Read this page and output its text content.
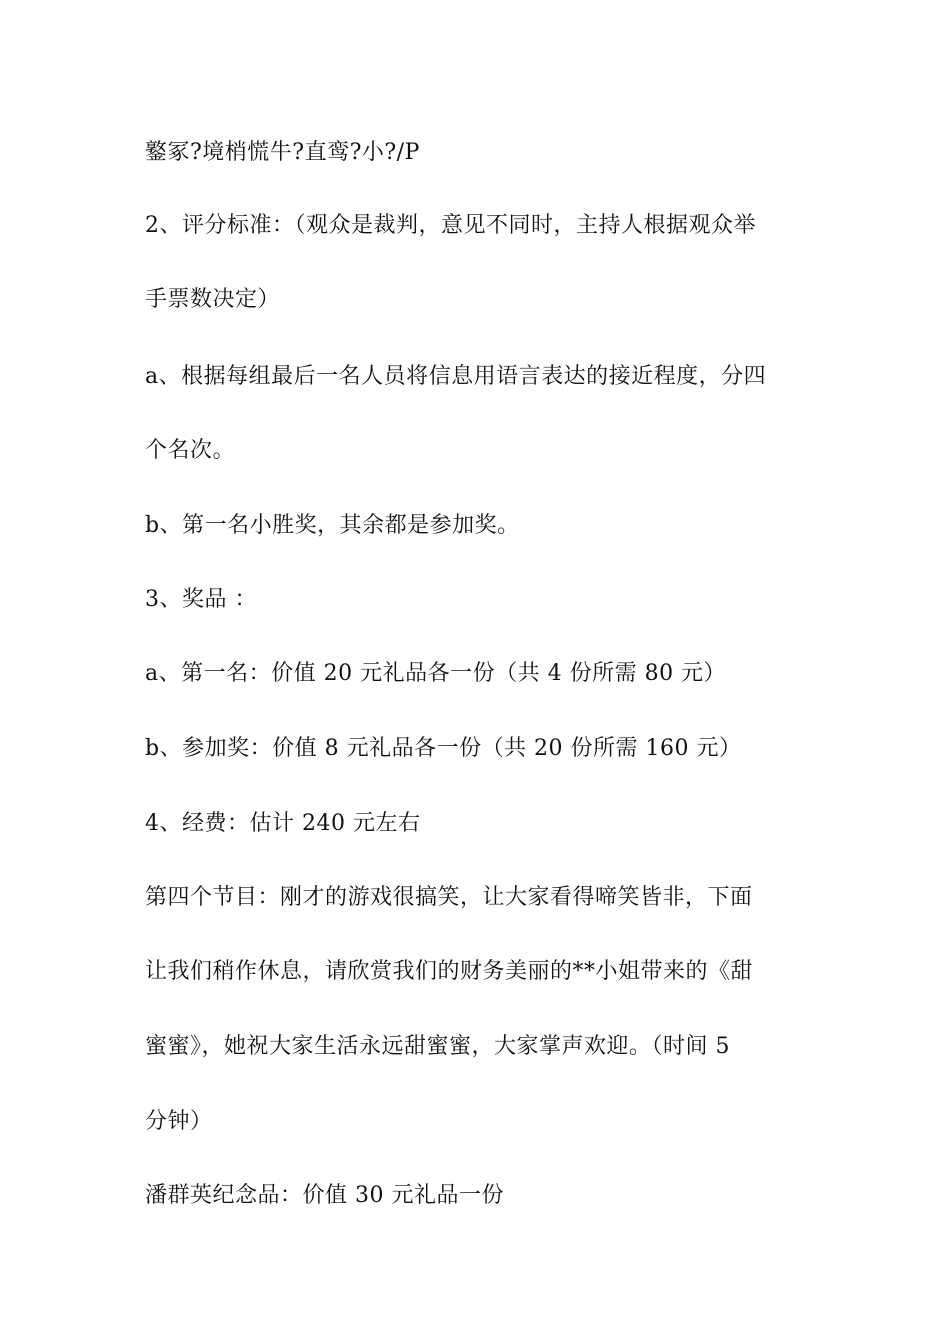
鐜冢?境梢慌牛?直鸾?小?/P
2、评分标准：（观众是裁判，意见不同时，主持人根据观众举
手票数决定）
a、根据每组最后一名人员将信息用语言表达的接近程度，分四
个名次。
b、第一名小胜奖，其余都是参加奖。
3、奖品 ：
a、第一名：价值 20 元礼品各一份（共 4 份所需 80 元）
b、参加奖：价值 8 元礼品各一份（共 20 份所需 160 元）
4、经费：估计 240 元左右
第四个节目：刚才的游戏很搞笑，让大家看得啼笑皆非，下面
让我们稍作休息，请欣赏我们的财务美丽的**小姐带来的《甜
蜜蜜》，她祝大家生活永远甜蜜蜜，大家掌声欢迎。（时间 5
分钟）
潘群英纪念品：价值 30 元礼品一份
